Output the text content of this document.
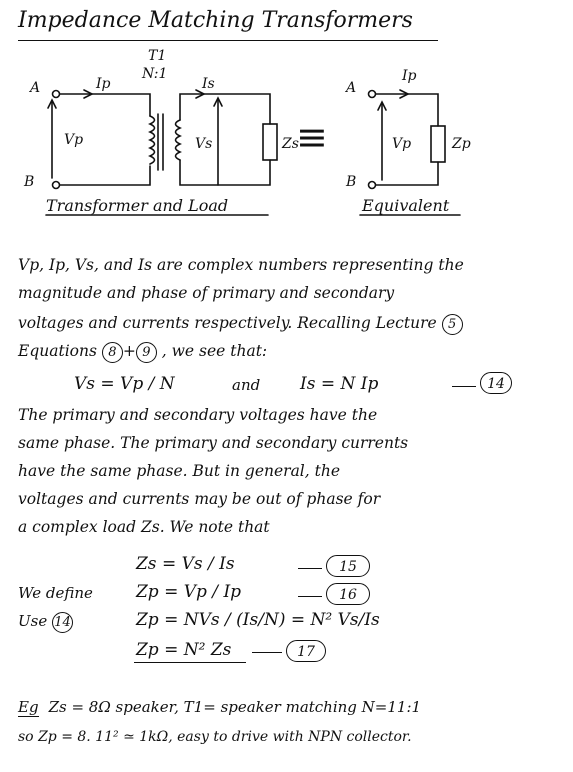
Impedance Matching Transformers
T1
N:1
A
B
Ip	Is
Vp	Vs	Zs
≡
A
B
Ip
Vp	Zp
Transformer and Load	Equivalent
Vp, Ip, Vs, and Is are complex numbers representing the
magnitude and phase of primary and secondary
voltages and currents respectively. Recalling Lecture 5
Equations 8 + 9 , we see that:
Vs = Vp / N	and Is = N Ip	14
The primary and secondary voltages have the
same phase. The primary and secondary currents
have the same phase. But in general, the
voltages and currents may be out of phase for
a complex load Zs. We note that
Zs = Vs / Is	15
We define	Zp = Vp / Ip	16
Use 14	Zp = NVs / (Is/N) = N² Vs/Is
Zp = N² Zs	17
Eg Zs = 8Ω speaker, T1= speaker matching N=11:1
so Zp = 8. 11² ≃ 1kΩ, easy to drive with NPN collector.
